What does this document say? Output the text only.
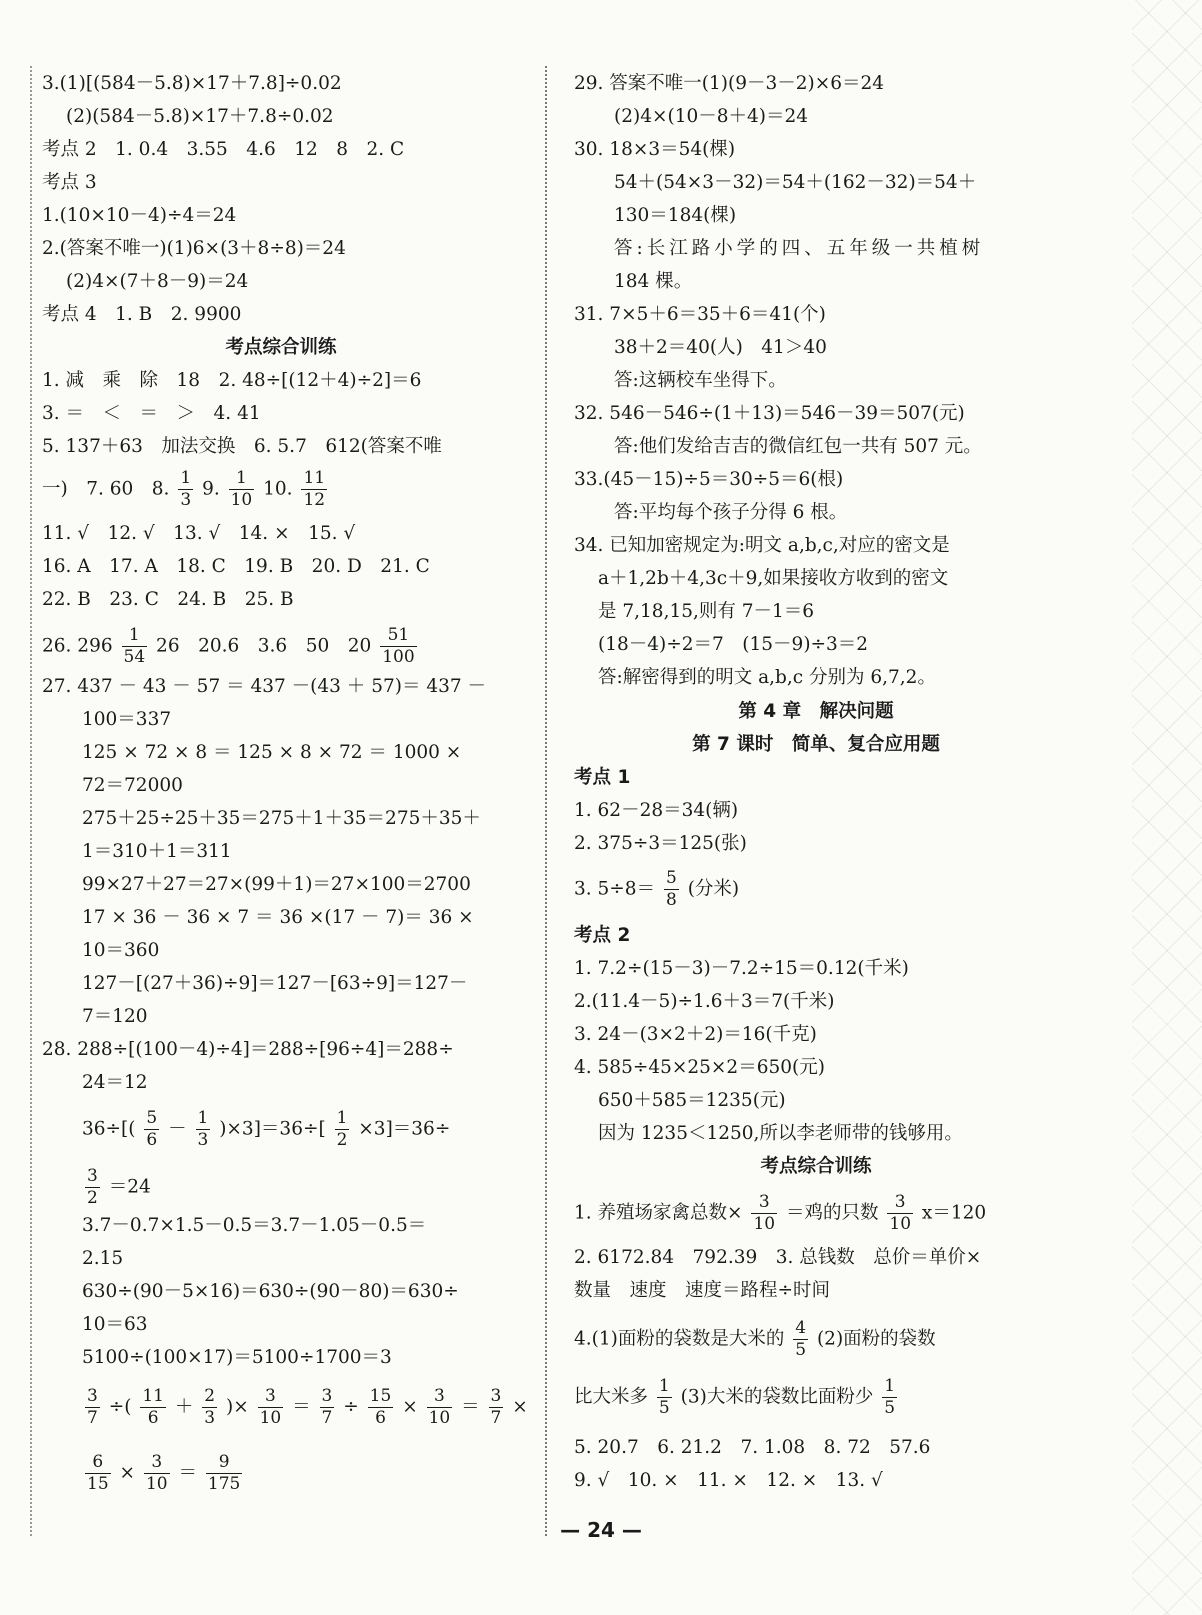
3.(1)[(584－5.8)×17＋7.8]÷0.02
(2)(584－5.8)×17＋7.8÷0.02
考点 2　1. 0.4　3.55　4.6　12　8　2. C
考点 3
1.(10×10－4)÷4＝24
2.(答案不唯一)(1)6×(3＋8÷8)＝24
(2)4×(7＋8－9)＝24
考点 4　1. B　2. 9900
考点综合训练
1. 减　乘　除　18　2. 48÷[(12＋4)÷2]＝6
3. ＝　＜　＝　＞　4. 41
5. 137＋63　加法交换　6. 5.7　612(答案不唯
一)　7. 60　8. $\frac{1}{3} 9$. $\frac{1}{10} 10$. $\frac{11}{12}$
11. √　12. √　13. √　14. ×　15. √
16. A　17. A　18. C　19. B　20. D　21. C
22. B　23. C　24. B　25. B
26. $296 \frac{1}{54} 26$　20.6　3.6　50　$20 \frac{51}{100}$
27. 437 － 43 － 57 ＝ 437 －(43 ＋ 57)＝ 437 －
100＝337
125 × 72 × 8 ＝ 125 × 8 × 72 ＝ 1000 ×
72＝72000
275＋25÷25＋35＝275＋1＋35＝275＋35＋
1＝310＋1＝311
99×27＋27＝27×(99＋1)＝27×100＝2700
17 × 36 － 36 × 7 ＝ 36 ×(17 － 7)＝ 36 ×
10＝360
127－[(27＋36)÷9]＝127－[63÷9]＝127－
7＝120
28. 288÷[(100－4)÷4]＝288÷[96÷4]＝288÷
24＝12
$36\div[( \frac{5}{6} - \frac{1}{3} )\times 3]=36\div[ \frac{1}{2} \times 3]=36\div$
$\frac{3}{2} =24$
3.7－0.7×1.5－0.5＝3.7－1.05－0.5＝
2.15
630÷(90－5×16)＝630÷(90－80)＝630÷
10＝63
5100÷(100×17)＝5100÷1700＝3
$\frac{3}{7}$ ÷( $\frac{11}{6} + \frac{2}{3}$ )× $\frac{3}{10} = \frac{3}{7} \div \frac{15}{6} \times \frac{3}{10} = \frac{3}{7}$ ×
$\frac{6}{15} \times \frac{3}{10} = \frac{9}{175}$
29. 答案不唯一(1)(9－3－2)×6＝24
(2)4×(10－8＋4)＝24
30. 18×3＝54(棵)
54＋(54×3－32)＝54＋(162－32)＝54＋
130＝184(棵)
答:长江路小学的四、五年级一共植树
184 棵。
31. 7×5＋6＝35＋6＝41(个)
38＋2＝40(人)　41＞40
答:这辆校车坐得下。
32. 546－546÷(1＋13)＝546－39＝507(元)
答:他们发给吉吉的微信红包一共有 507 元。
33.(45－15)÷5＝30÷5＝6(根)
答:平均每个孩子分得 6 根。
34. 已知加密规定为:明文 a,b,c,对应的密文是
a＋1,2b＋4,3c＋9,如果接收方收到的密文
是 7,18,15,则有 7－1＝6
(18－4)÷2＝7　(15－9)÷3＝2
答:解密得到的明文 a,b,c 分别为 6,7,2。
第 4 章　解决问题
第 7 课时　简单、复合应用题
考点 1
1. 62－28＝34(辆)
2. 375÷3＝125(张)
3. $5\div 8= \frac{5}{8}$ (分米)
考点 2
1. 7.2÷(15－3)－7.2÷15＝0.12(千米)
2.(11.4－5)÷1.6＋3＝7(千米)
3. 24－(3×2＋2)＝16(千克)
4. 585÷45×25×2＝650(元)
650＋585＝1235(元)
因为 1235＜1250,所以李老师带的钱够用。
考点综合训练
1. 养殖场家禽总数× $\frac{3}{10}$ ＝鸡的只数 $\frac{3}{10} x=120$
2. 6172.84　792.39　3. 总钱数　总价＝单价×
数量　速度　速度＝路程÷时间
4.(1)面粉的袋数是大米的 $\frac{4}{5} (2)$面粉的袋数
比大米多 $\frac{1}{5} (3)$大米的袋数比面粉少 $\frac{1}{5}$
5. 20.7　6. 21.2　7. 1.08　8. 72　57.6
9. √　10. ×　11. ×　12. ×　13. √
— 24 —
